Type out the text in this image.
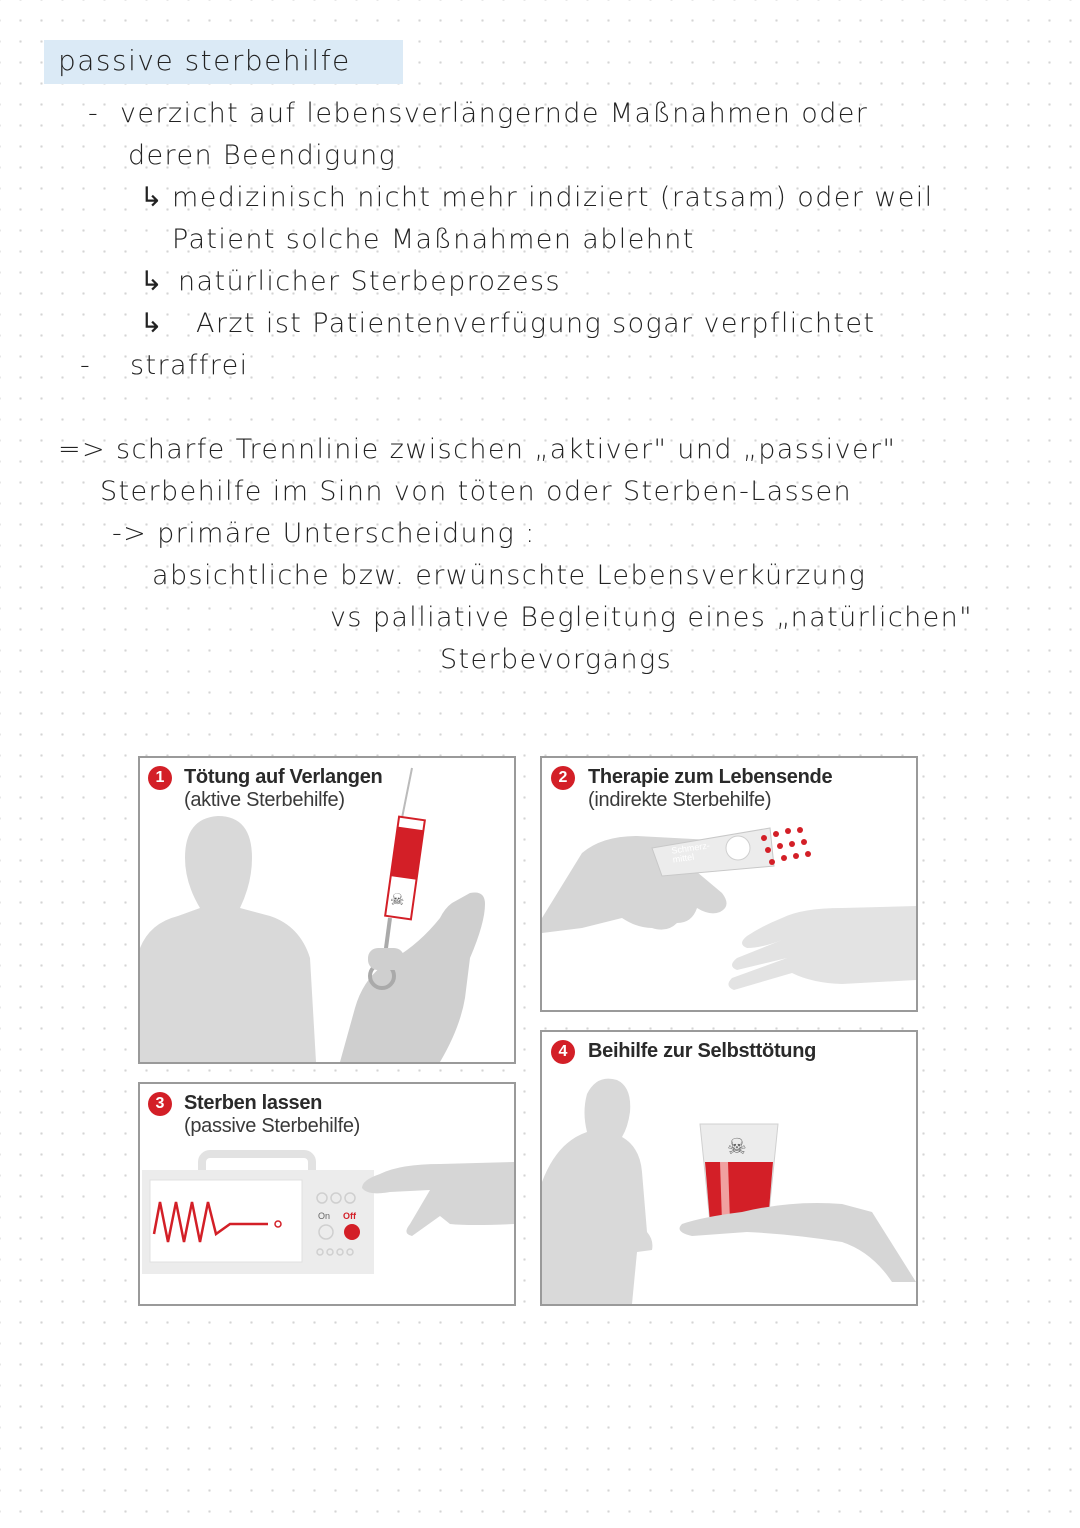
passive sterbehilfe
- verzicht auf lebensverlängernde Maßnahmen oder
deren Beendigung
↳ medizinisch nicht mehr indiziert (ratsam) oder weil
Patient solche Maßnahmen ablehnt
↳ natürlicher Sterbeprozess
↳ Arzt ist Patientenverfügung sogar verpflichtet
- straffrei
=> scharfe Trennlinie zwischen „aktiver" und „passiver"
Sterbehilfe im Sinn von töten oder Sterben-Lassen
-> primäre Unterscheidung :
absichtliche bzw. erwünschte Lebensverkürzung
vs palliative Begleitung eines „natürlichen"
Sterbevorgangs
☠
1 Tötung auf Verlangen
(aktive Sterbehilfe)
Schmerz-
mittel
2	Therapie zum Lebensende
(indirekte Sterbehilfe)
On Off
3 Sterben lassen
(passive Sterbehilfe)
☠
4	Beihilfe zur Selbsttötung
